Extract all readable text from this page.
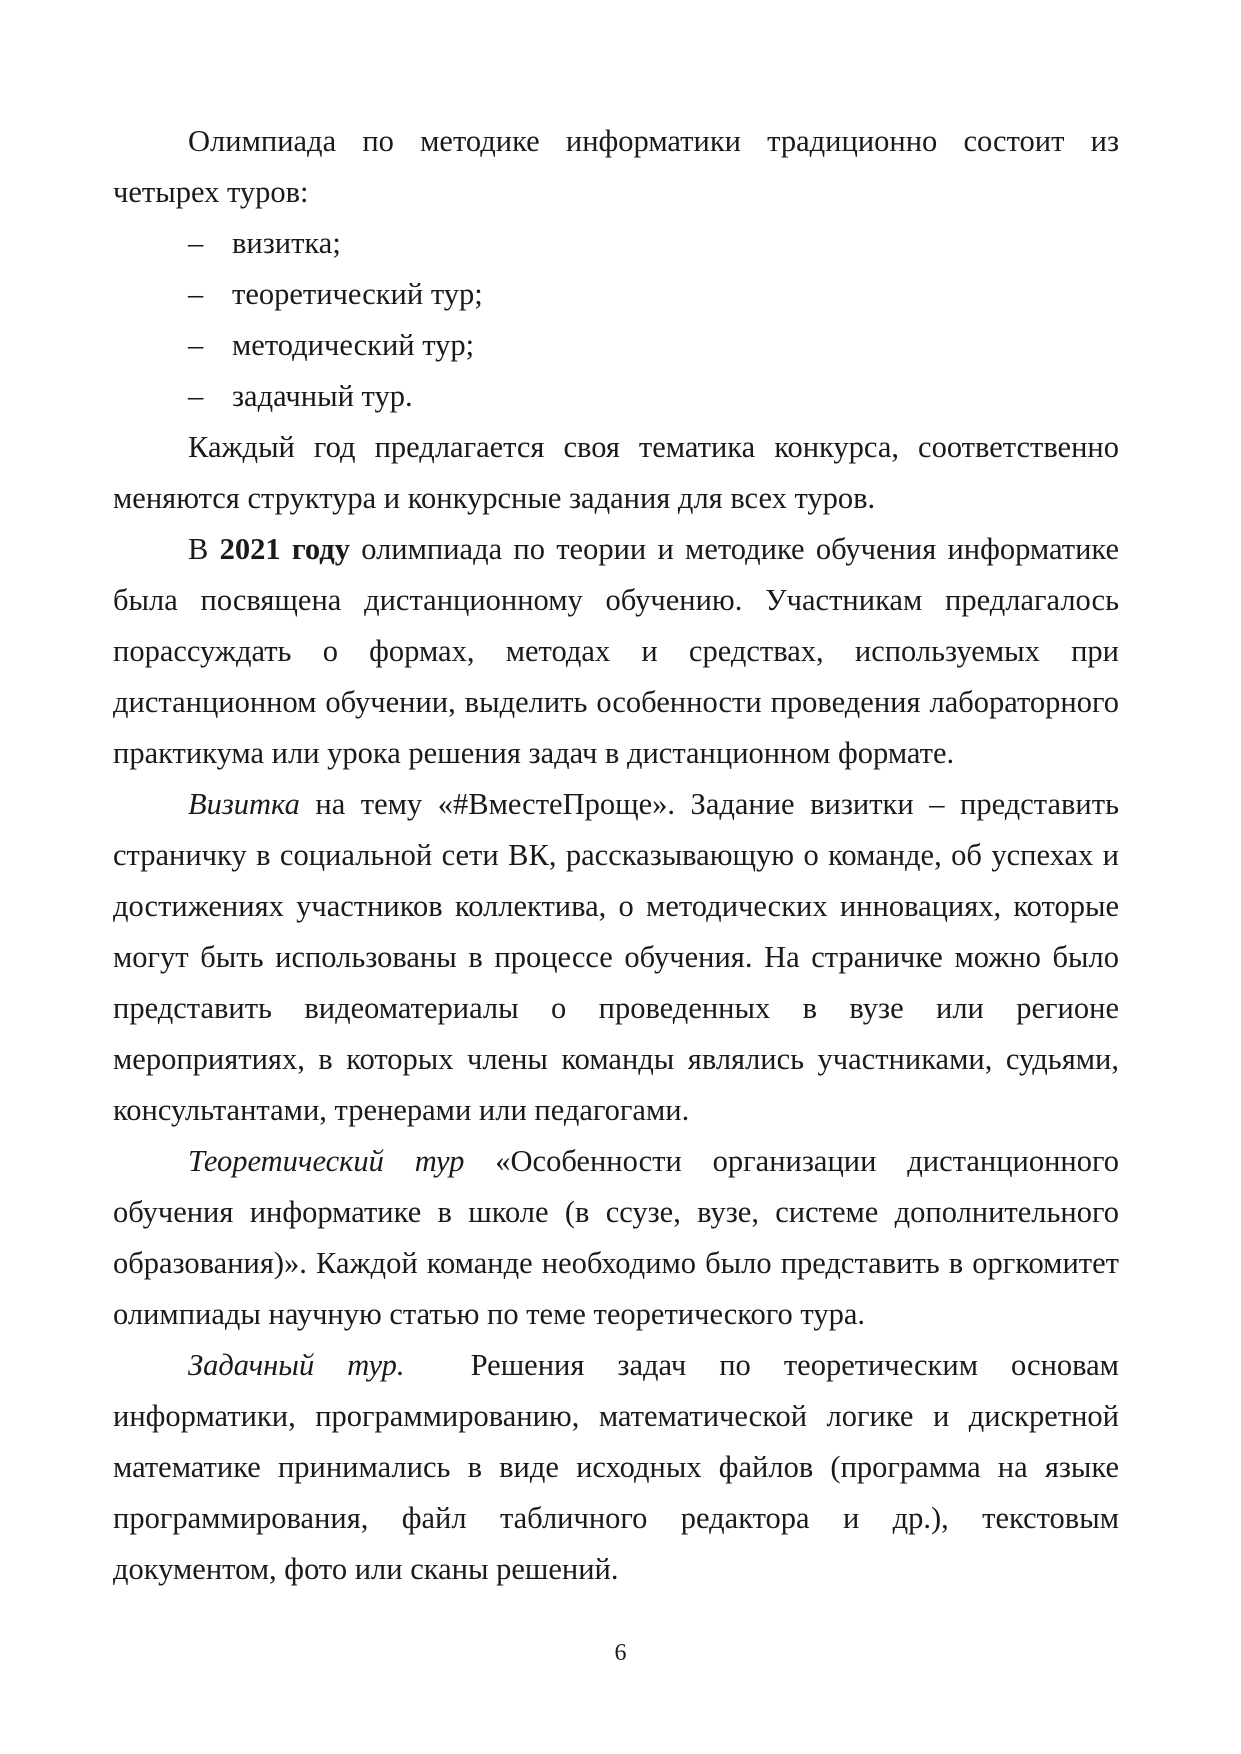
Олимпиада по методике информатики традиционно состоит из четырех туров:

– визитка;
– теоретический тур;
– методический тур;
– задачный тур.

Каждый год предлагается своя тематика конкурса, соответственно меняются структура и конкурсные задания для всех туров.

В 2021 году олимпиада по теории и методике обучения информатике была посвящена дистанционному обучению. Участникам предлагалось порассуждать о формах, методах и средствах, используемых при дистанционном обучении, выделить особенности проведения лабораторного практикума или урока решения задач в дистанционном формате.

Визитка на тему «#ВместеПроще». Задание визитки – представить страничку в социальной сети ВК, рассказывающую о команде, об успехах и достижениях участников коллектива, о методических инновациях, которые могут быть использованы в процессе обучения. На страничке можно было представить видеоматериалы о проведенных в вузе или регионе мероприятиях, в которых члены команды являлись участниками, судьями, консультантами, тренерами или педагогами.

Теоретический тур «Особенности организации дистанционного обучения информатике в школе (в ссузе, вузе, системе дополнительного образования)». Каждой команде необходимо было представить в оргкомитет олимпиады научную статью по теме теоретического тура.

Задачный тур.  Решения задач по теоретическим основам информатики, программированию, математической логике и дискретной математике принимались в виде исходных файлов (программа на языке программирования, файл табличного редактора и др.), текстовым документом, фото или сканы решений.

6
